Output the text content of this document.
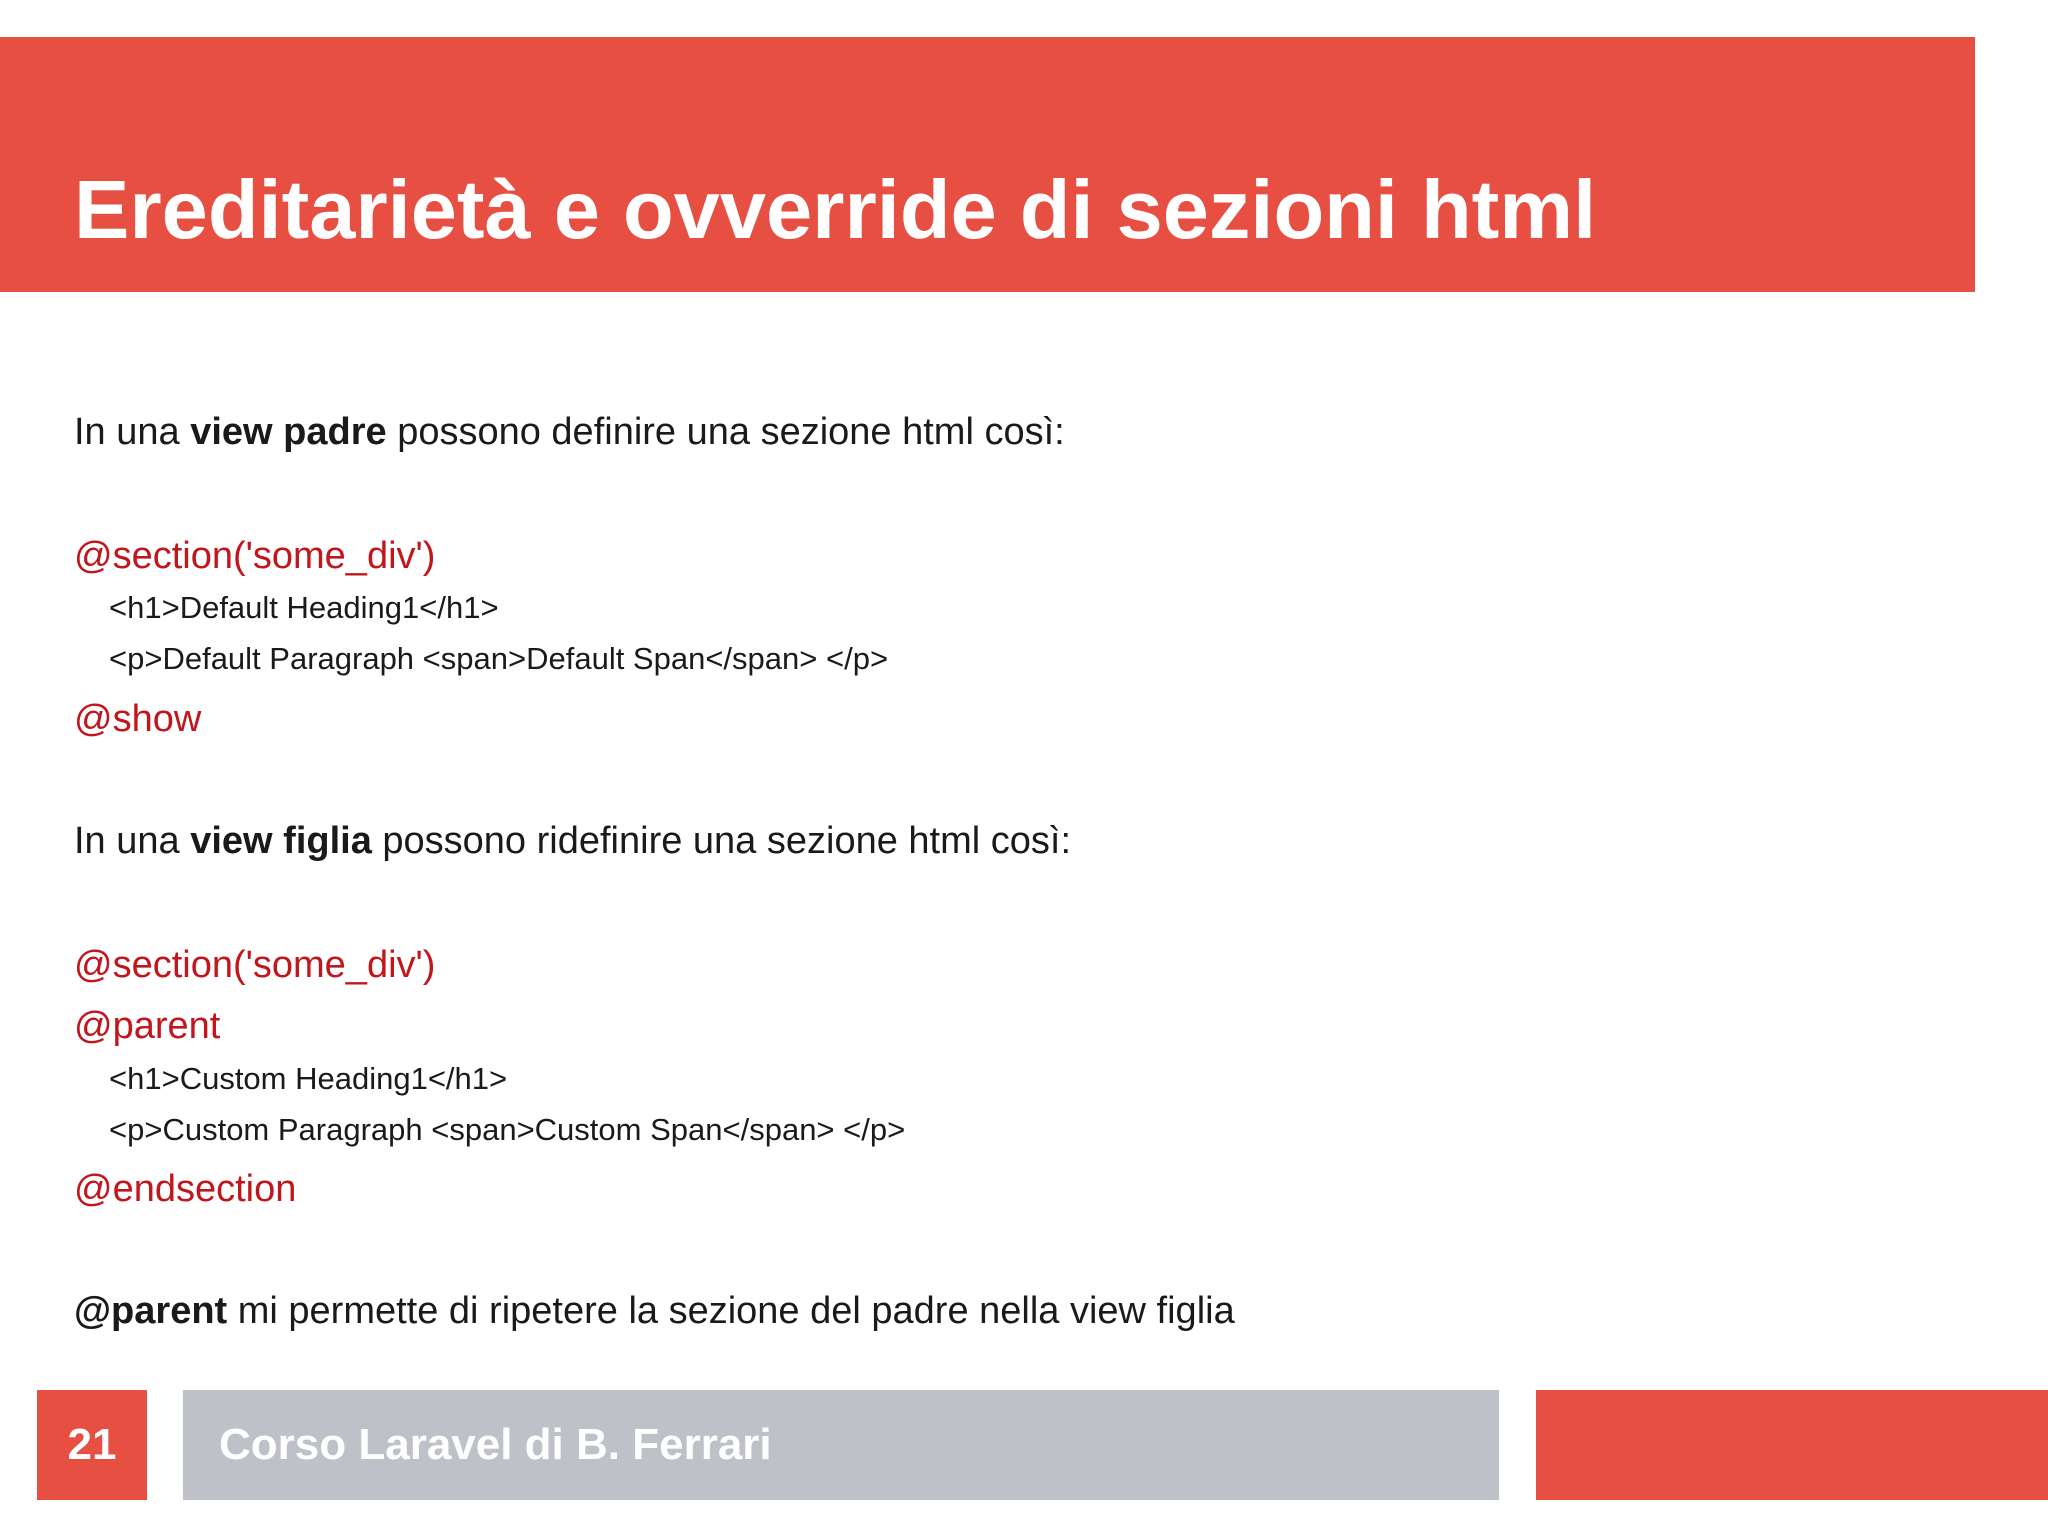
Ereditarietà e ovverride di sezioni html

In una view padre possono definire una sezione html così:

@section('some_div')

<h1>Default Heading1</h1>

<p>Default Paragraph <span>Default Span</span> </p>

@show

In una view figlia possono ridefinire una sezione html così:

@section('some_div')

@parent

<h1>Custom Heading1</h1>

<p>Custom Paragraph <span>Custom Span</span> </p>

@endsection

@parent mi permette di ripetere la sezione del padre nella view figlia

21 Corso Laravel di B. Ferrari
